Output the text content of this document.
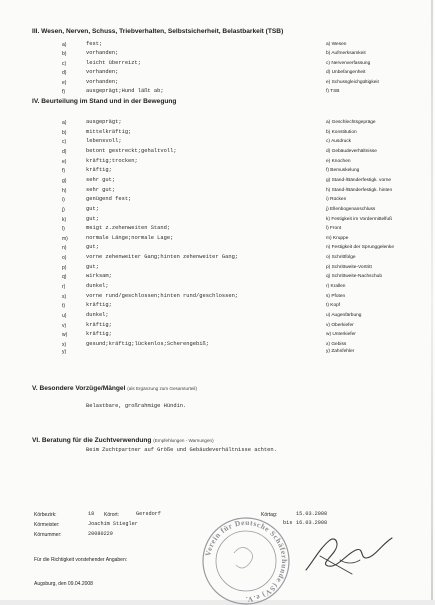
III. Wesen, Nerven, Schuss, Triebverhalten, Selbstsicherheit, Belastbarkeit (TSB)
a)	fest;	a) Wesen
b)	vorhanden;	b) Aufmerksamkeit
c)	leicht überreizt;	c) Nervenverfassung
d)	vorhanden;	d) Unbefangenheit
e)	vorhanden;	e) Schussgleichgültigkeit
f)	ausgeprägt;Hund läßt ab;	f) TSB
IV. Beurteilung im Stand und in der Bewegung
a)	ausgeprägt;	a) Geschlechtsgepräge
b)	mittelkräftig;	b) Konstitution
c)	lebensvoll;	c) Ausdruck
d)	betont gestreckt;gehaltvoll;	d) Gebäudeverhältnisse
e)	kräftig;trocken;	e) Knochen
f)	kräftig;	f) Bemuskelung
g)	sehr gut;	g) Stand-/Bänderfestigk. vorne
h)	sehr gut;	h) Stand-/Bänderfestigk. hinten
i)	genügend fest;	i) Rücken
j)	gut;	j) Ellenbogenanschluss
k)	gut;	k) Festigkeit im Vordermittelfuß
l)	meigt z.zehenweiten Stand;	l) Front
m)	normale Länge;normale Lage;	m) Kruppe
n)	gut;	n) Festigkeit der Sprunggelenke
o)	vorne zehenweiter Gang;hinten zehenweiter Gang;	o) Schrittfolge
p)	gut;	p) Schrittweite-Vortritt
q)	wirksam;	q) Schrittweite-Nachschub
r)	dunkel;	r) Krallen
s)	vorne rund/geschlossen;hinten rund/geschlossen;	s) Pfoten
t)	kräftig;	t) Kopf
u)	dunkel;	u) Augenfärbung
v)	kräftig;	v) Oberkiefer
w)	kräftig;	w) Unterkiefer
x)	gesund;kräftig;lückenlos;Scherengebiß;	x) Gebiss
y)	y) Zahnfehler
V. Besondere Vorzüge/Mängel (als Ergänzung zum Gesamturteil)
Belastbare, großrahmige Hündin.
VI. Beratung für die Zuchtverwendung (Empfehlungen - Warnungen)
Beim Zuchtpartner auf Größe und Gebäudeverhältnisse achten.
Körbezirk:	18 Körort:	Gersdorf	Körtag:	15.03.2008
bis 16.03.2008
Körmeister:	Joachim Stiegler
Körnummer:	20080229
Für die Richtigkeit vorstehender Angaben:
Augsburg, den 09.04.2008
Verein für Deutsche Schäferhunde (SV) e.V.
